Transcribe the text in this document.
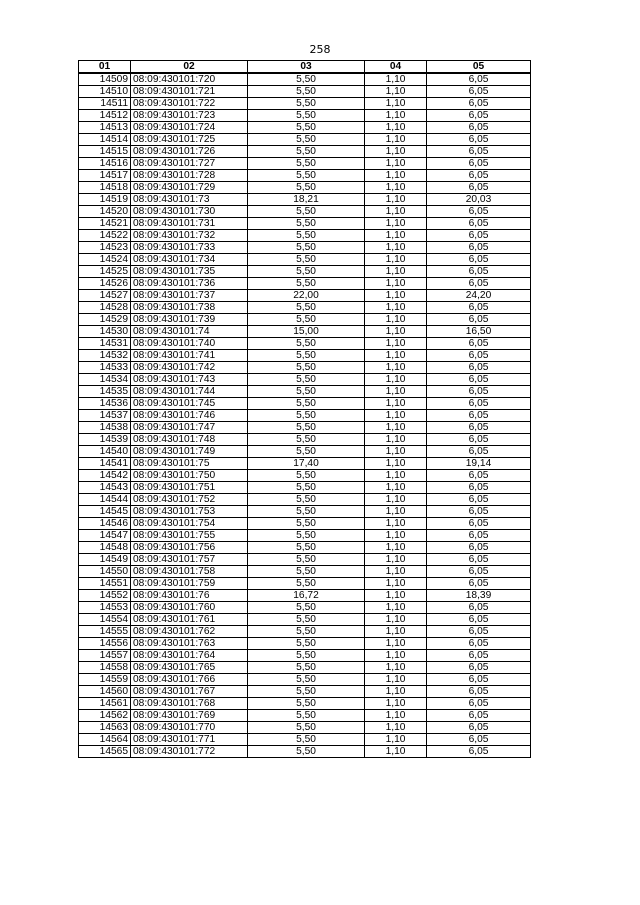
258
01	02	03	04	05
14509	08:09:430101:720	5,50	1,10	6,05
14510	08:09:430101:721	5,50	1,10	6,05
14511	08:09:430101:722	5,50	1,10	6,05
14512	08:09:430101:723	5,50	1,10	6,05
14513	08:09:430101:724	5,50	1,10	6,05
14514	08:09:430101:725	5,50	1,10	6,05
14515	08:09:430101:726	5,50	1,10	6,05
14516	08:09:430101:727	5,50	1,10	6,05
14517	08:09:430101:728	5,50	1,10	6,05
14518	08:09:430101:729	5,50	1,10	6,05
14519	08:09:430101:73	18,21	1,10	20,03
14520	08:09:430101:730	5,50	1,10	6,05
14521	08:09:430101:731	5,50	1,10	6,05
14522	08:09:430101:732	5,50	1,10	6,05
14523	08:09:430101:733	5,50	1,10	6,05
14524	08:09:430101:734	5,50	1,10	6,05
14525	08:09:430101:735	5,50	1,10	6,05
14526	08:09:430101:736	5,50	1,10	6,05
14527	08:09:430101:737	22,00	1,10	24,20
14528	08:09:430101:738	5,50	1,10	6,05
14529	08:09:430101:739	5,50	1,10	6,05
14530	08:09:430101:74	15,00	1,10	16,50
14531	08:09:430101:740	5,50	1,10	6,05
14532	08:09:430101:741	5,50	1,10	6,05
14533	08:09:430101:742	5,50	1,10	6,05
14534	08:09:430101:743	5,50	1,10	6,05
14535	08:09:430101:744	5,50	1,10	6,05
14536	08:09:430101:745	5,50	1,10	6,05
14537	08:09:430101:746	5,50	1,10	6,05
14538	08:09:430101:747	5,50	1,10	6,05
14539	08:09:430101:748	5,50	1,10	6,05
14540	08:09:430101:749	5,50	1,10	6,05
14541	08:09:430101:75	17,40	1,10	19,14
14542	08:09:430101:750	5,50	1,10	6,05
14543	08:09:430101:751	5,50	1,10	6,05
14544	08:09:430101:752	5,50	1,10	6,05
14545	08:09:430101:753	5,50	1,10	6,05
14546	08:09:430101:754	5,50	1,10	6,05
14547	08:09:430101:755	5,50	1,10	6,05
14548	08:09:430101:756	5,50	1,10	6,05
14549	08:09:430101:757	5,50	1,10	6,05
14550	08:09:430101:758	5,50	1,10	6,05
14551	08:09:430101:759	5,50	1,10	6,05
14552	08:09:430101:76	16,72	1,10	18,39
14553	08:09:430101:760	5,50	1,10	6,05
14554	08:09:430101:761	5,50	1,10	6,05
14555	08:09:430101:762	5,50	1,10	6,05
14556	08:09:430101:763	5,50	1,10	6,05
14557	08:09:430101:764	5,50	1,10	6,05
14558	08:09:430101:765	5,50	1,10	6,05
14559	08:09:430101:766	5,50	1,10	6,05
14560	08:09:430101:767	5,50	1,10	6,05
14561	08:09:430101:768	5,50	1,10	6,05
14562	08:09:430101:769	5,50	1,10	6,05
14563	08:09:430101:770	5,50	1,10	6,05
14564	08:09:430101:771	5,50	1,10	6,05
14565	08:09:430101:772	5,50	1,10	6,05
